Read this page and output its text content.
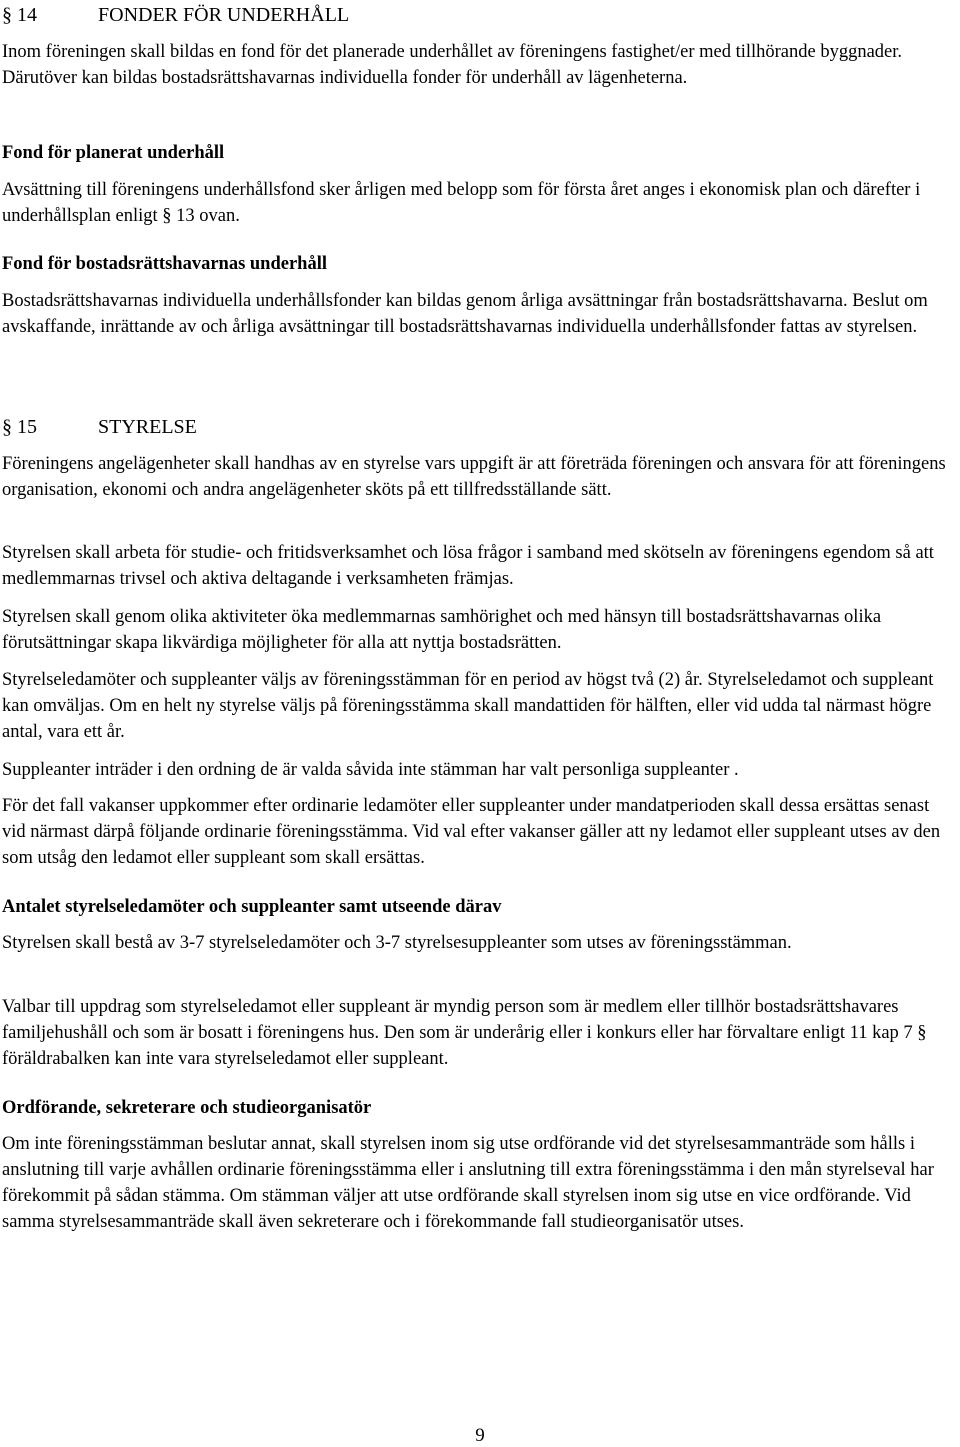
§ 14	FONDER FÖR UNDERHÅLL

Inom föreningen skall bildas en fond för det planerade underhållet av föreningens fastighet/er med tillhörande byggnader. Därutöver kan bildas bostadsrättshavarnas individuella fonder för underhåll av lägenheterna.

Fond för planerat underhåll

Avsättning till föreningens underhållsfond sker årligen med belopp som för första året anges i ekonomisk plan och därefter i underhållsplan enligt § 13 ovan.

Fond för bostadsrättshavarnas underhåll

Bostadsrättshavarnas individuella underhållsfonder kan bildas genom årliga avsättningar från bostadsrättshavarna. Beslut om avskaffande, inrättande av och årliga avsättningar till bostadsrättshavarnas individuella underhållsfonder fattas av styrelsen.

§ 15	STYRELSE

Föreningens angelägenheter skall handhas av en styrelse vars uppgift är att företräda föreningen och ansvara för att föreningens organisation, ekonomi och andra angelägenheter sköts på ett tillfredsställande sätt.

Styrelsen skall arbeta för studie- och fritidsverksamhet och lösa frågor i samband med skötseln av föreningens egendom så att medlemmarnas trivsel och aktiva deltagande i verksamheten främjas.

Styrelsen skall genom olika aktiviteter öka medlemmarnas samhörighet och med hänsyn till bostadsrättshavarnas olika förutsättningar skapa likvärdiga möjligheter för alla att nyttja bostadsrätten.

Styrelseledamöter och suppleanter väljs av föreningsstämman för en period av högst två (2) år. Styrelseledamot och suppleant kan omväljas. Om en helt ny styrelse väljs på föreningsstämma skall mandattiden för hälften, eller vid udda tal närmast högre antal, vara ett år.

Suppleanter inträder i den ordning de är valda såvida inte stämman har valt personliga suppleanter .

För det fall vakanser uppkommer efter ordinarie ledamöter eller suppleanter under mandatperioden skall dessa ersättas senast vid närmast därpå följande ordinarie föreningsstämma. Vid val efter vakanser gäller att ny ledamot eller suppleant utses av den som utsåg den ledamot eller suppleant som skall ersättas.

Antalet styrelseledamöter och suppleanter samt utseende därav

Styrelsen skall bestå av 3-7 styrelseledamöter och 3-7 styrelsesuppleanter som utses av föreningsstämman.

Valbar till uppdrag som styrelseledamot eller suppleant är myndig person som är medlem eller tillhör bostadsrättshavares familjehushåll och som är bosatt i föreningens hus. Den som är underårig eller i konkurs eller har förvaltare enligt 11 kap 7 § föräldrabalken kan inte vara styrelseledamot eller suppleant.

Ordförande, sekreterare och studieorganisatör

Om inte föreningsstämman beslutar annat, skall styrelsen inom sig utse ordförande vid det styrelsesammanträde som hålls i anslutning till varje avhållen ordinarie föreningsstämma eller i anslutning till extra föreningsstämma i den mån styrelseval har förekommit på sådan stämma. Om stämman väljer att utse ordförande skall styrelsen inom sig utse en vice ordförande. Vid samma styrelsesammanträde skall även sekreterare och i förekommande fall studieorganisatör utses.

9
